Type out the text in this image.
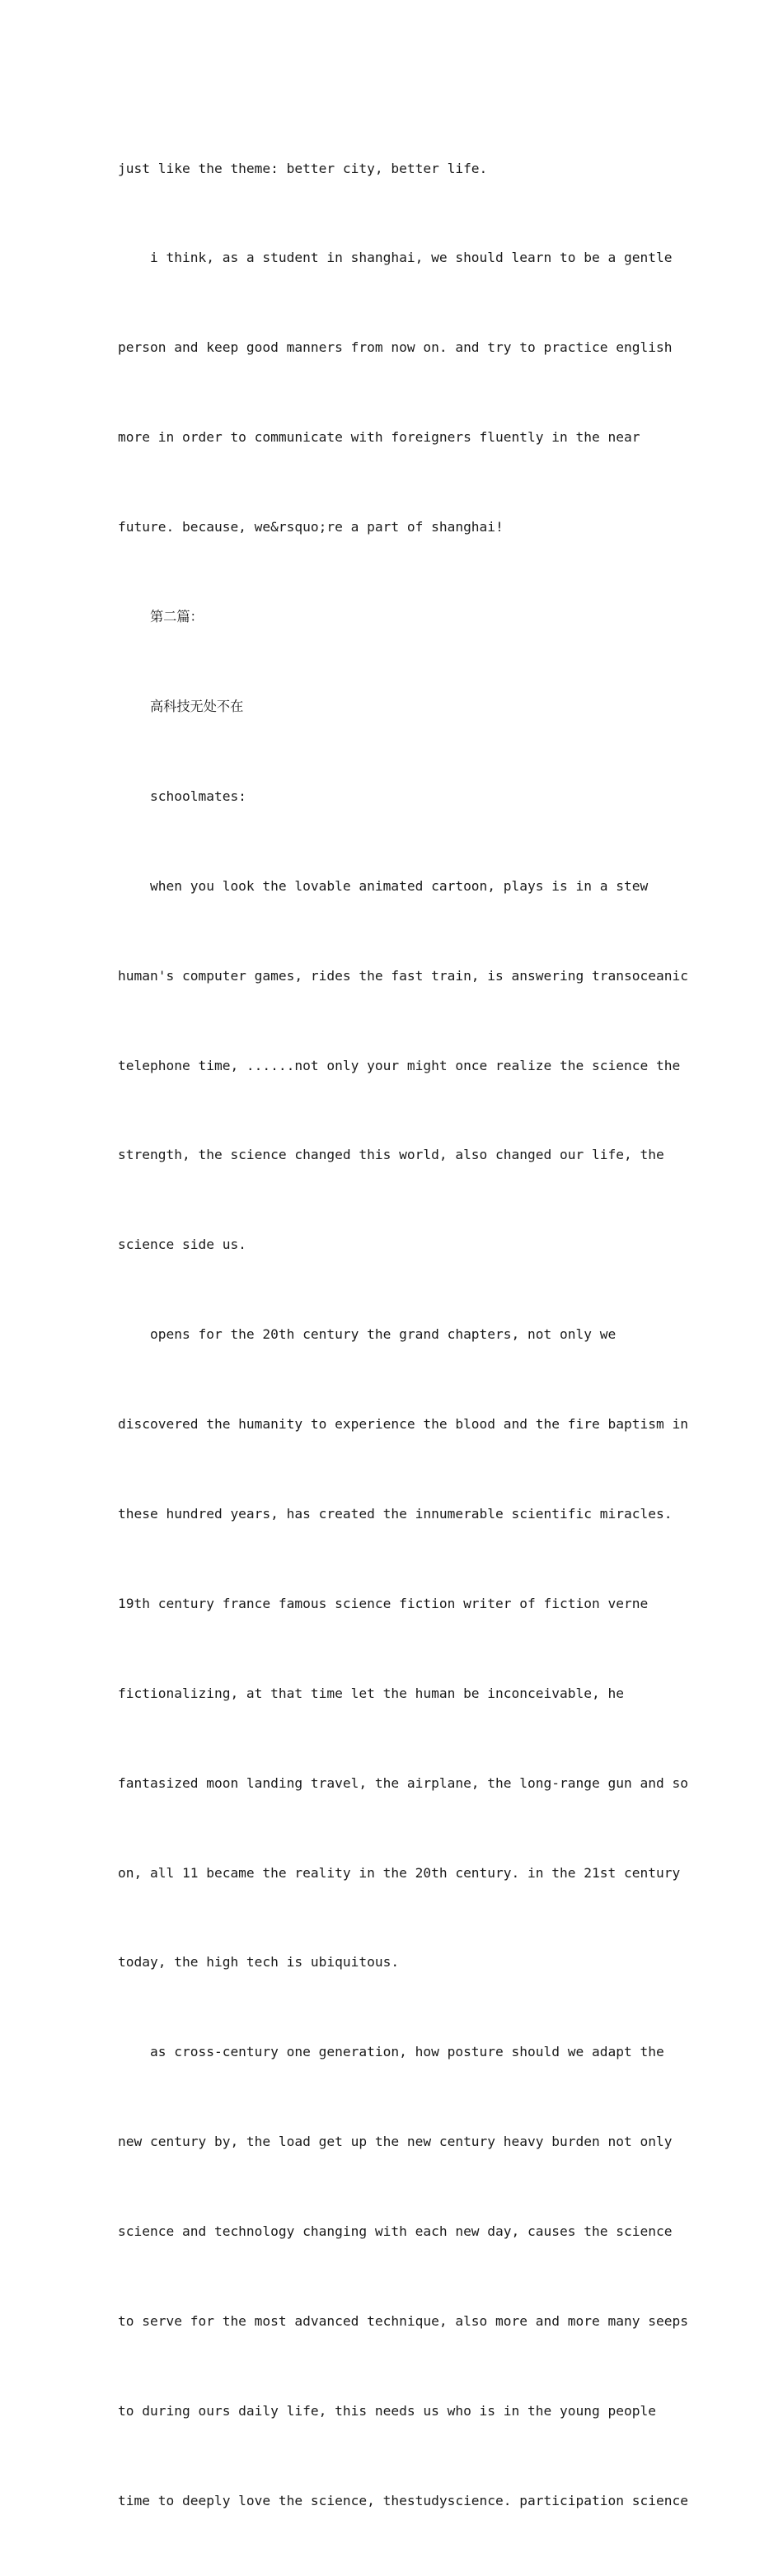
just like the theme: better city, better life.

i think, as a student in shanghai, we should learn to be a gentle

person and keep good manners from now on. and try to practice english

more in order to communicate with foreigners fluently in the near

future. because, we&rsquo;re a part of shanghai!

第二篇：

高科技无处不在

schoolmates:

when you look the lovable animated cartoon, plays is in a stew

human's computer games, rides the fast train, is answering transoceanic

telephone time, ......not only your might once realize the science the

strength, the science changed this world, also changed our life, the

science side us.

opens for the 20th century the grand chapters, not only we

discovered the humanity to experience the blood and the fire baptism in

these hundred years, has created the innumerable scientific miracles.

19th century france famous science fiction writer of fiction verne

fictionalizing, at that time let the human be inconceivable, he

fantasized moon landing travel, the airplane, the long-range gun and so

on, all 11 became the reality in the 20th century. in the 21st century

today, the high tech is ubiquitous.

as cross-century one generation, how posture should we adapt the

new century by, the load get up the new century heavy burden not only

science and technology changing with each new day, causes the science

to serve for the most advanced technique, also more and more many seeps

to during ours daily life, this needs us who is in the young people

time to deeply love the science, thestudyscience. participation science
